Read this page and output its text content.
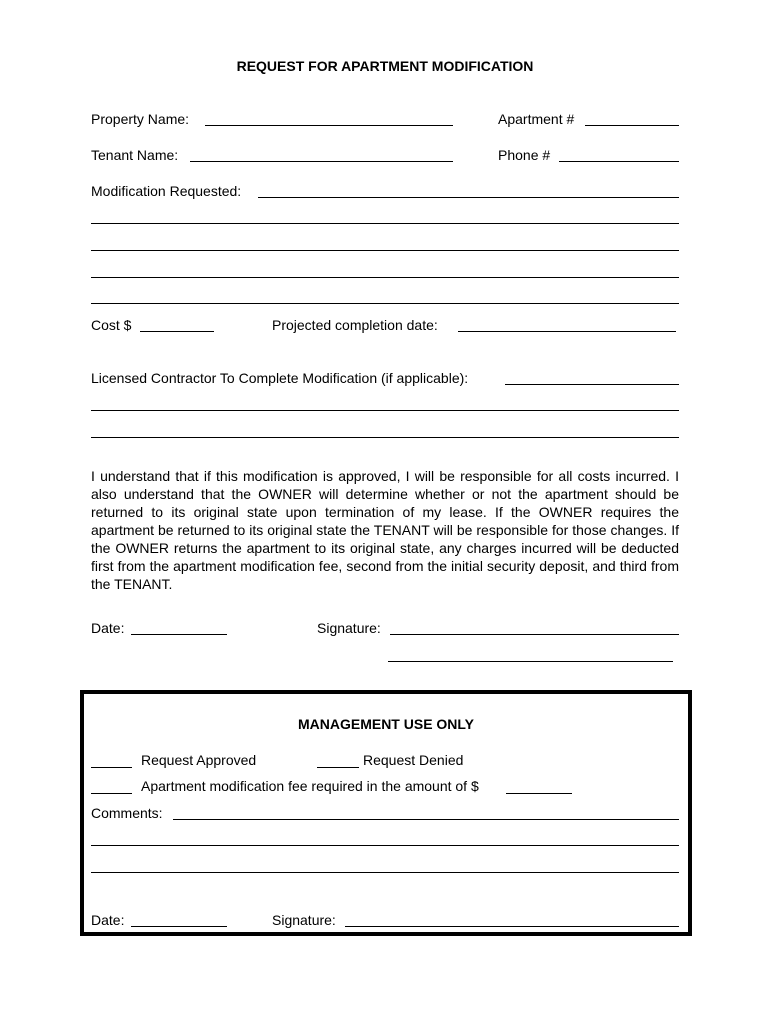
REQUEST FOR APARTMENT MODIFICATION
Property Name:	Apartment #
Tenant Name:	Phone #
Modification Requested:
Cost $	Projected completion date:
Licensed Contractor To Complete Modification (if applicable):
I understand that if this modification is approved, I will be responsible for all costs incurred. I also understand that the OWNER will determine whether or not the apartment should be returned to its original state upon termination of my lease. If the OWNER requires the apartment be returned to its original state the TENANT will be responsible for those changes. If the OWNER returns the apartment to its original state, any charges incurred will be deducted first from the apartment modification fee, second from the initial security deposit, and third from the TENANT.
Date:	Signature:
MANAGEMENT USE ONLY
Request Approved	Request Denied
Apartment modification fee required in the amount of $
Comments:
Date:	Signature:
